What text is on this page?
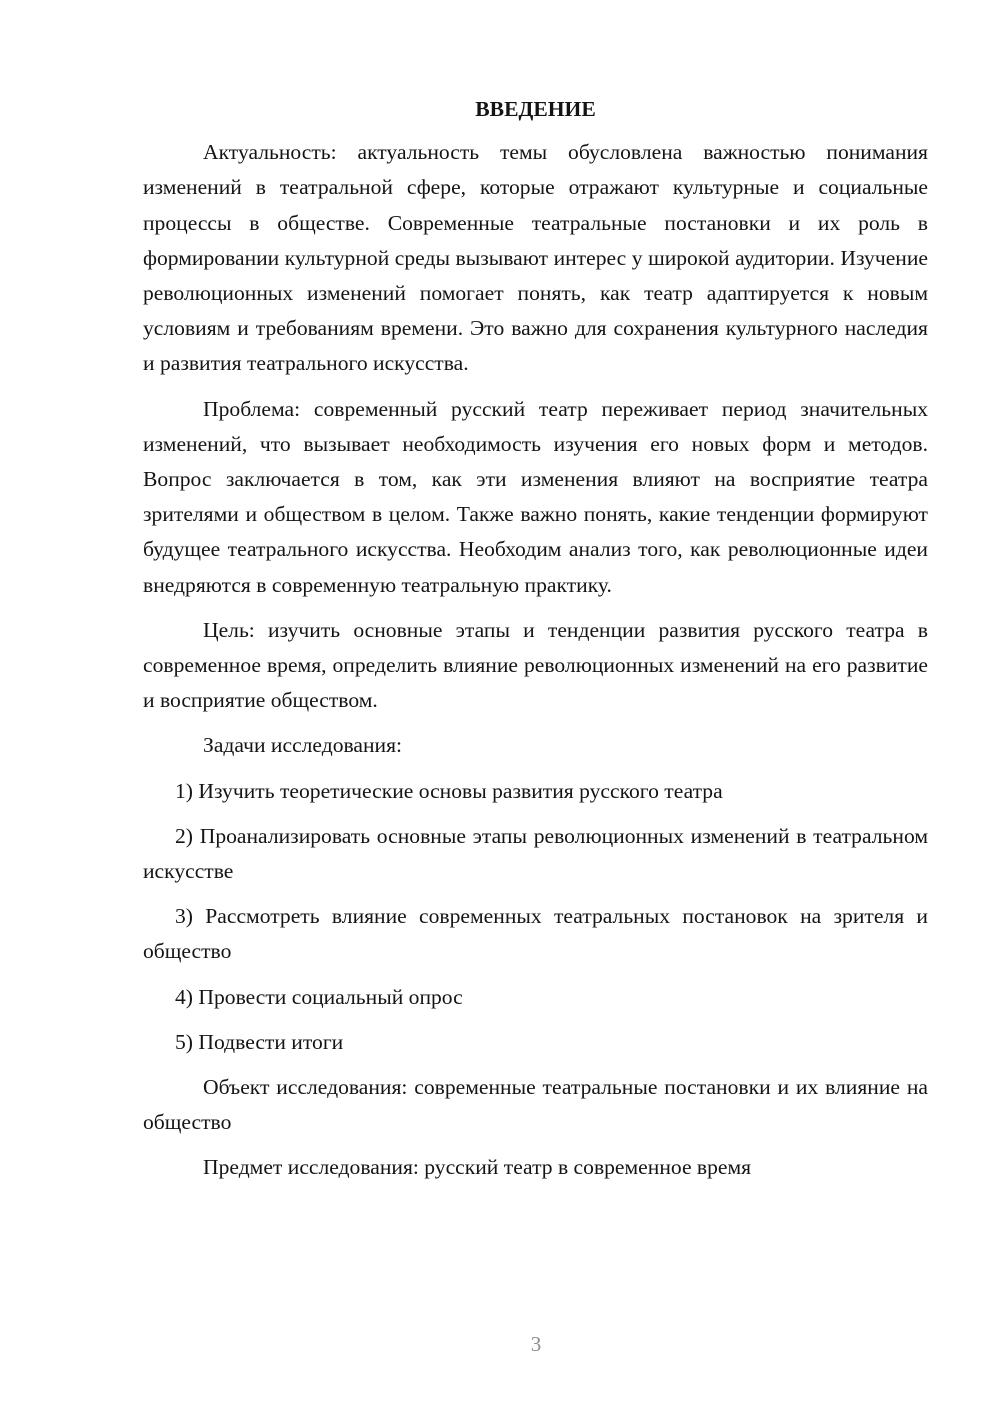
ВВЕДЕНИЕ

Актуальность: актуальность темы обусловлена важностью понимания изменений в театральной сфере, которые отражают культурные и социальные процессы в обществе. Современные театральные постановки и их роль в формировании культурной среды вызывают интерес у широкой аудитории. Изучение революционных изменений помогает понять, как театр адаптируется к новым условиям и требованиям времени. Это важно для сохранения культурного наследия и развития театрального искусства.

Проблема: современный русский театр переживает период значительных изменений, что вызывает необходимость изучения его новых форм и методов. Вопрос заключается в том, как эти изменения влияют на восприятие театра зрителями и обществом в целом. Также важно понять, какие тенденции формируют будущее театрального искусства. Необходим анализ того, как революционные идеи внедряются в современную театральную практику.

Цель: изучить основные этапы и тенденции развития русского театра в современное время, определить влияние революционных изменений на его развитие и восприятие обществом.

Задачи исследования:

1) Изучить теоретические основы развития русского театра

2) Проанализировать основные этапы революционных изменений в театральном искусстве

3) Рассмотреть влияние современных театральных постановок на зрителя и общество

4) Провести социальный опрос

5) Подвести итоги

Объект исследования: современные театральные постановки и их влияние на общество

Предмет исследования: русский театр в современное время

3
